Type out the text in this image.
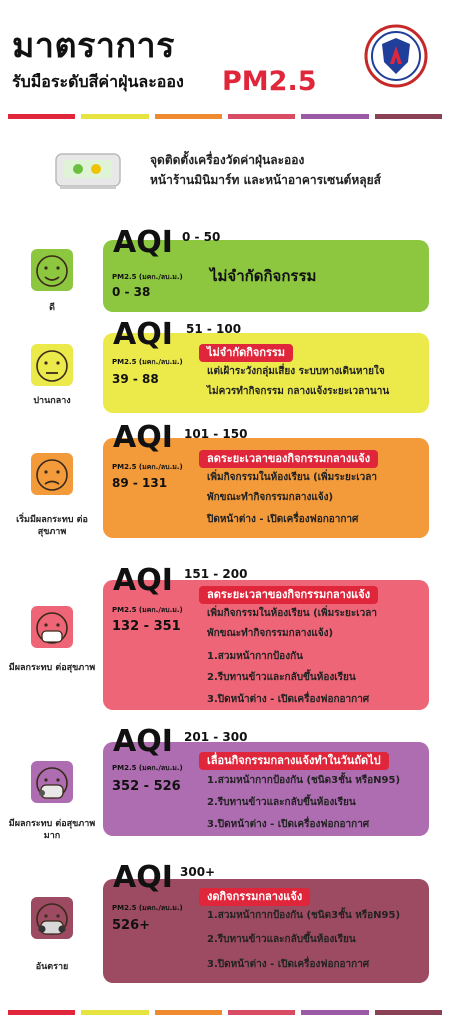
มาตราการ
รับมือระดับสีค่าฝุ่นละออง PM2.5
จุดติดตั้งเครื่องวัดค่าฝุ่นละออง
หน้าร้านมินิมาร์ท และหน้าอาคารเซนต์หลุยส์
ดี
AQI 0 - 50
PM2.5 (มคก./ลบ.ม.)
0 - 38
ไม่จำกัดกิจกรรม
ปานกลาง
AQI 51 - 100
PM2.5 (มคก./ลบ.ม.)
39 - 88
ไม่จำกัดกิจกรรม
แต่เฝ้าระวังกลุ่มเสี่ยง ระบบทางเดินหายใจ
ไม่ควรทำกิจกรรม กลางแจ้งระยะเวลานาน
เริ่มมีผลกระทบ ต่อสุขภาพ
AQI 101 - 150
PM2.5 (มคก./ลบ.ม.)
89 - 131
ลดระยะเวลาของกิจกรรมกลางแจ้ง
เพิ่มกิจกรรมในห้องเรียน (เพิ่มระยะเวลา
พักขณะทำกิจกรรมกลางแจ้ง)
ปิดหน้าต่าง - เปิดเครื่องฟอกอากาศ
มีผลกระทบ ต่อสุขภาพ
AQI 151 - 200
PM2.5 (มคก./ลบ.ม.)
132 - 351
ลดระยะเวลาของกิจกรรมกลางแจ้ง
เพิ่มกิจกรรมในห้องเรียน (เพิ่มระยะเวลา
พักขณะทำกิจกรรมกลางแจ้ง)
1.สวมหน้ากากป้องกัน
2.รีบทานข้าวและกลับขึ้นห้องเรียน
3.ปิดหน้าต่าง - เปิดเครื่องฟอกอากาศ
มีผลกระทบ ต่อสุขภาพมาก
AQI 201 - 300
PM2.5 (มคก./ลบ.ม.)
352 - 526
เลื่อนกิจกรรมกลางแจ้งทำในวันถัดไป
1.สวมหน้ากากป้องกัน (ชนิด3ชั้น หรือN95)
2.รีบทานข้าวและกลับขึ้นห้องเรียน
3.ปิดหน้าต่าง - เปิดเครื่องฟอกอากาศ
อันตราย
AQI 300+
PM2.5 (มคก./ลบ.ม.)
526+
งดกิจกรรมกลางแจ้ง
1.สวมหน้ากากป้องกัน (ชนิด3ชั้น หรือN95)
2.รีบทานข้าวและกลับขึ้นห้องเรียน
3.ปิดหน้าต่าง - เปิดเครื่องฟอกอากาศ
